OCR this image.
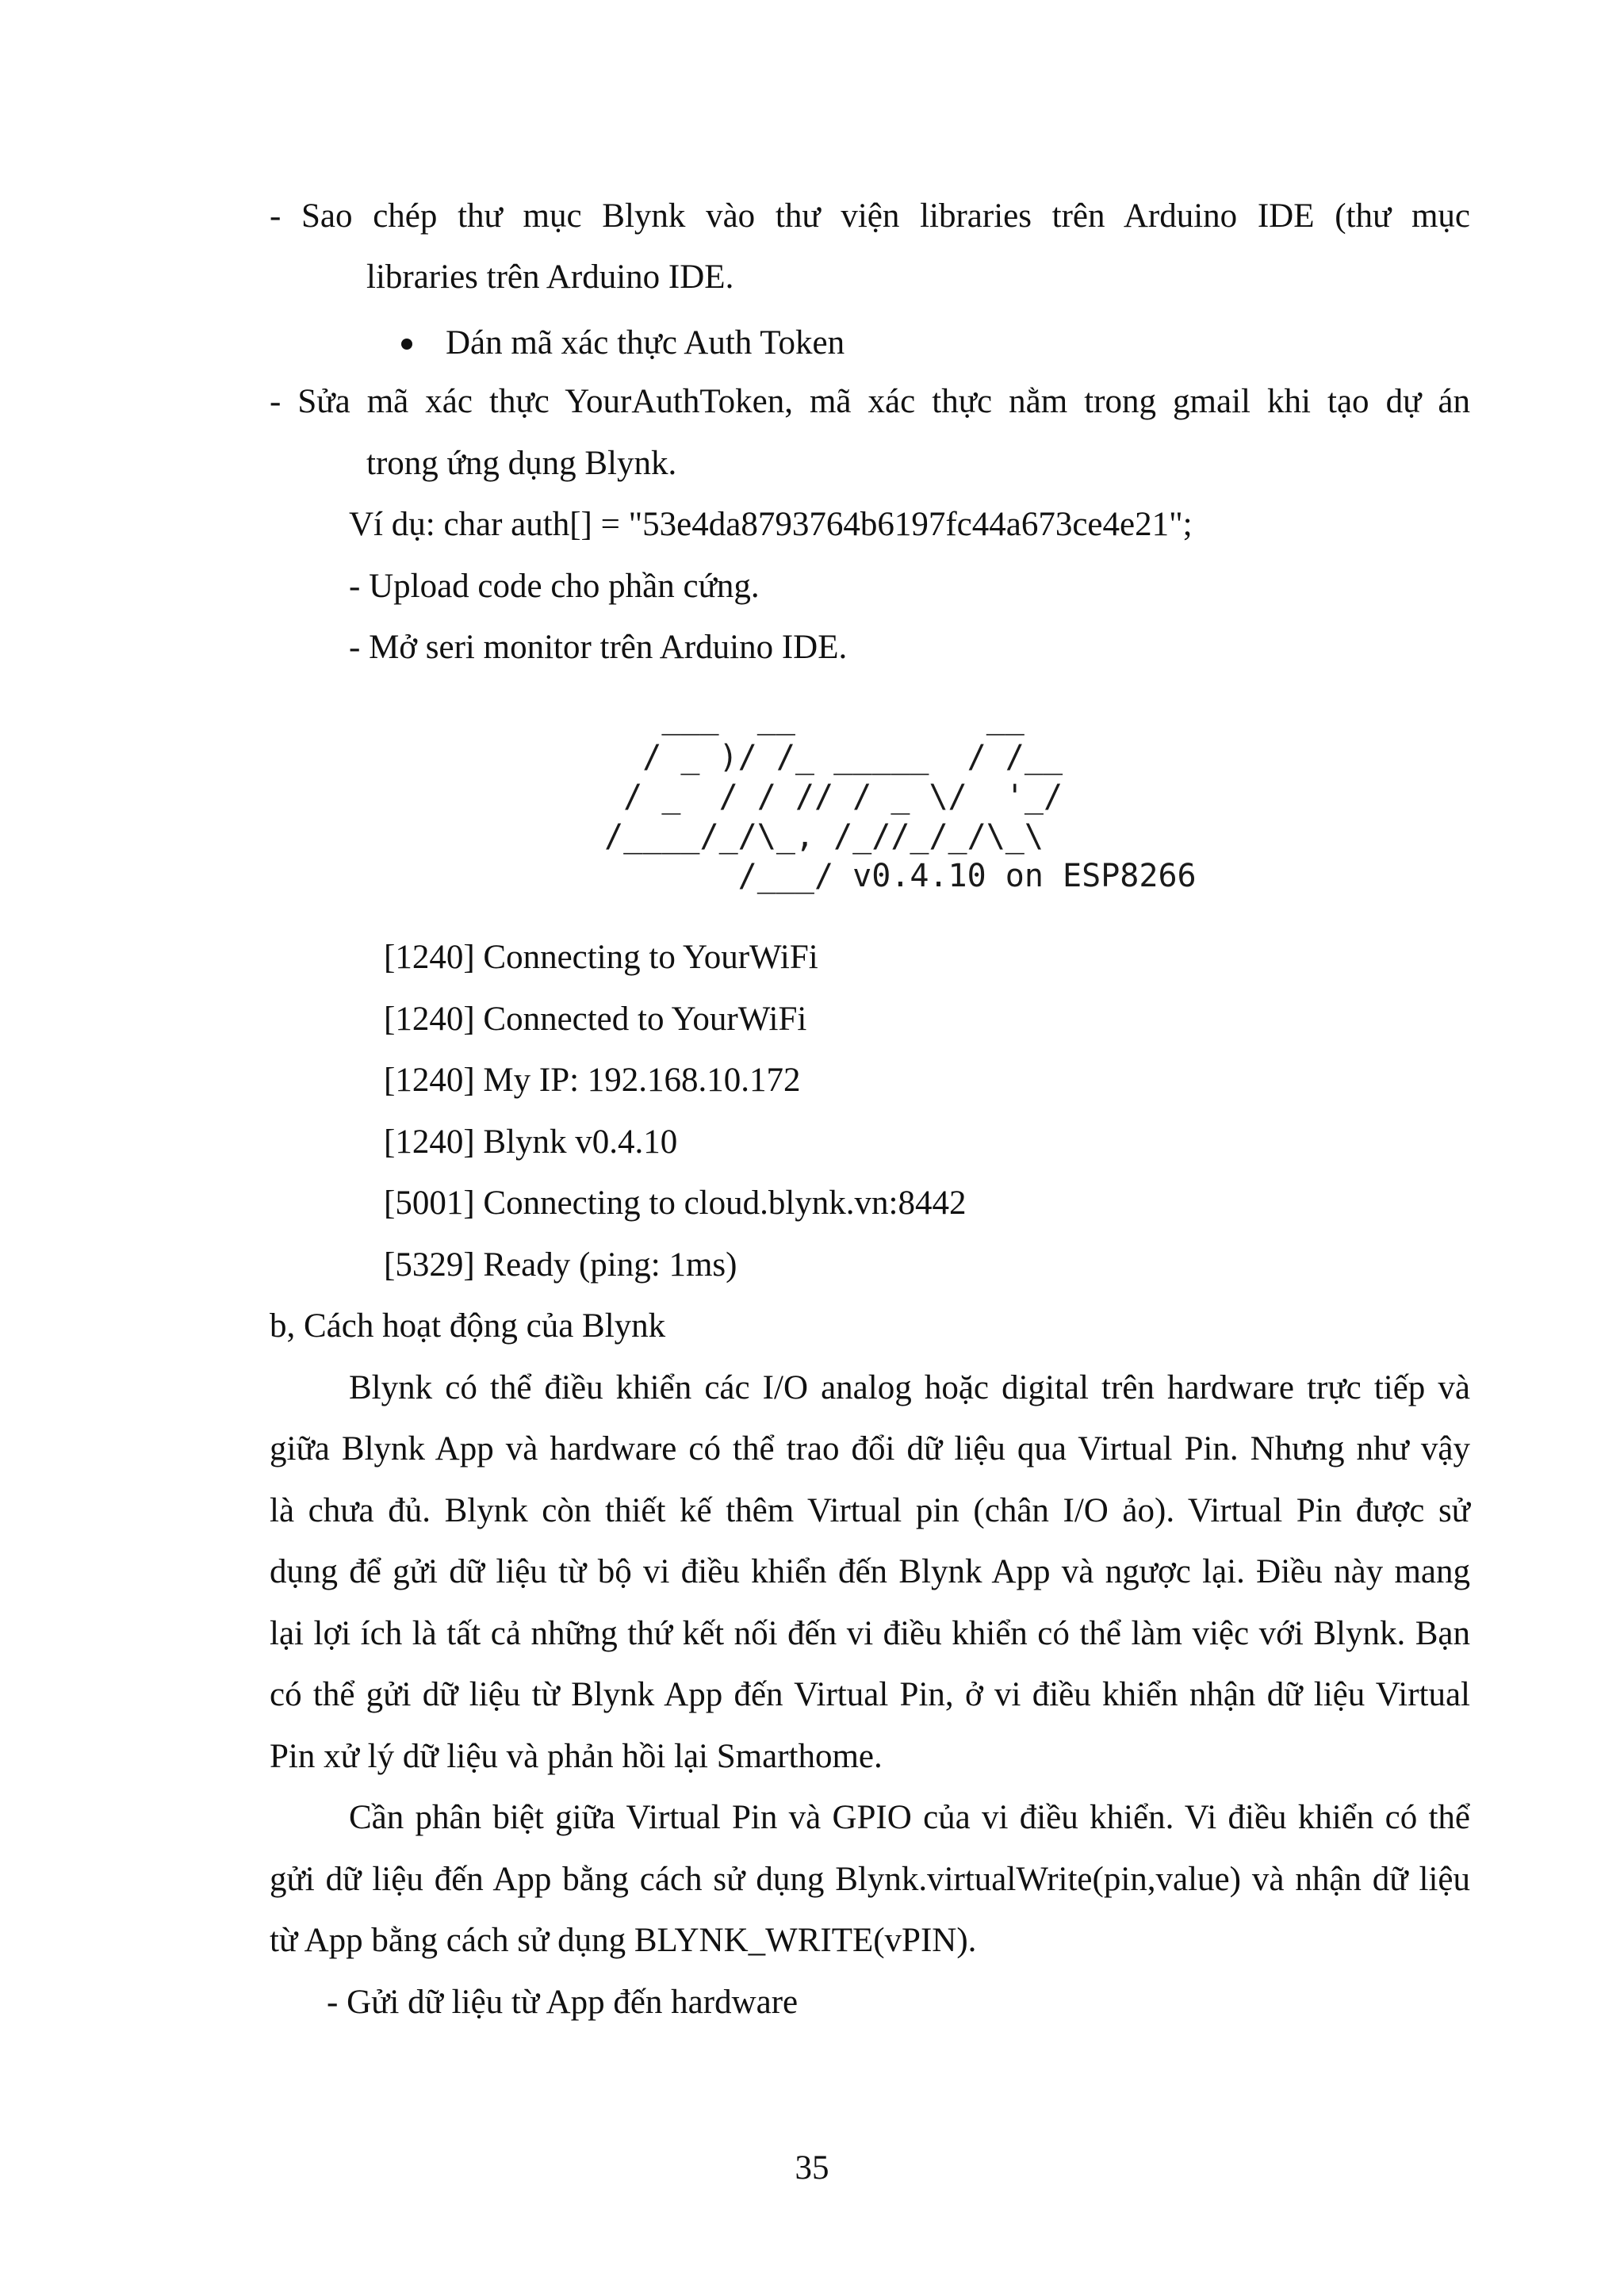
- Sao chép thư mục Blynk vào thư viện libraries trên Arduino IDE (thư mục
libraries trên Arduino IDE.
Dán mã xác thực Auth Token
- Sửa mã xác thực YourAuthToken, mã xác thực nằm trong gmail khi tạo dự án
trong ứng dụng Blynk.
Ví dụ: char auth[] = "53e4da8793764b6197fc44a673ce4e21";
- Upload code cho phần cứng.
- Mở seri monitor trên Arduino IDE.
___  __          __
/ _ )/ /_ _____  / /__
/ _  / / // / _ \/  '_/
/____/_/\_, /_//_/_/\_\
/___/ v0.4.10 on ESP8266
[1240] Connecting to YourWiFi
[1240] Connected to YourWiFi
[1240] My IP: 192.168.10.172
[1240] Blynk v0.4.10
[5001] Connecting to cloud.blynk.vn:8442
[5329] Ready (ping: 1ms)
b, Cách hoạt động của Blynk
Blynk có thể điều khiển các I/O analog hoặc digital trên hardware trực tiếp và
giữa Blynk App và hardware có thể trao đổi dữ liệu qua Virtual Pin. Nhưng như vậy
là chưa đủ. Blynk còn thiết kế thêm Virtual pin (chân I/O ảo). Virtual Pin được sử
dụng để gửi dữ liệu từ bộ vi điều khiển đến Blynk App và ngược lại. Điều này mang
lại lợi ích là tất cả những thứ kết nối đến vi điều khiển có thể làm việc với Blynk. Bạn
có thể gửi dữ liệu từ Blynk App đến Virtual Pin, ở vi điều khiển nhận dữ liệu Virtual
Pin xử lý dữ liệu và phản hồi lại Smarthome.
Cần phân biệt giữa Virtual Pin và GPIO của vi điều khiển. Vi điều khiển có thể
gửi dữ liệu đến App bằng cách sử dụng Blynk.virtualWrite(pin,value) và nhận dữ liệu
từ App bằng cách sử dụng BLYNK_WRITE(vPIN).
- Gửi dữ liệu từ App đến hardware
35
